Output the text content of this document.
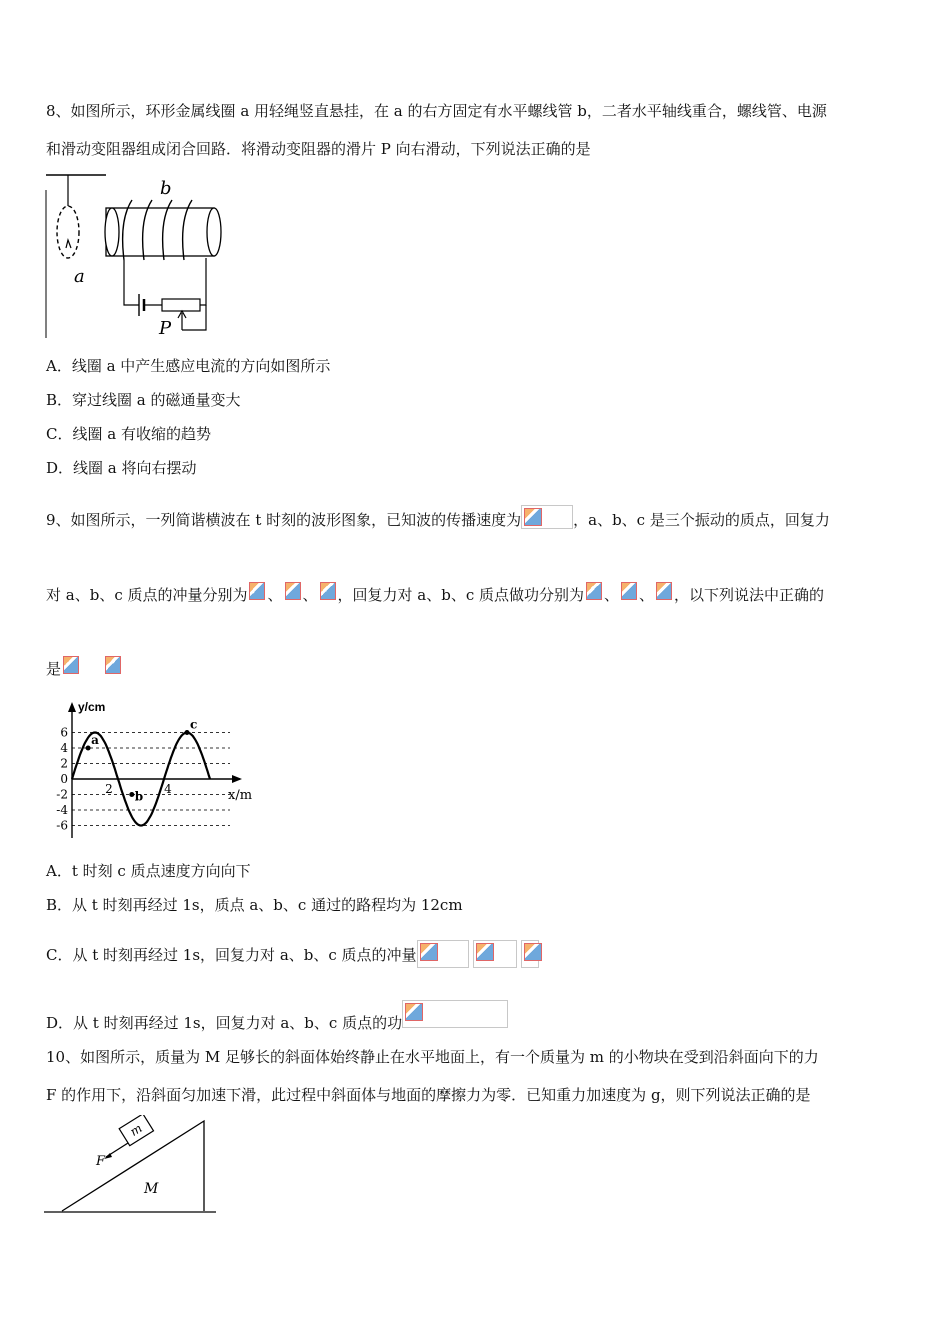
8、如图所示，环形金属线圈 a 用轻绳竖直悬挂，在 a 的右方固定有水平螺线管 b，二者水平轴线重合，螺线管、电源
和滑动变阻器组成闭合回路．将滑动变阻器的滑片 P 向右滑动，下列说法正确的是
a
b
P
A．线圈 a 中产生感应电流的方向如图所示
B．穿过线圈 a 的磁通量变大
C．线圈 a 有收缩的趋势
D．线圈 a 将向右摆动
9、如图所示，一列简谐横波在 t 时刻的波形图象，已知波的传播速度为	，a、b、c 是三个振动的质点，回复力
对 a、b、c 质点的冲量分别为 、 、 ，回复力对 a、b、c 质点做功分别为 、 、 ，以下列说法中正确的
是
y/cm
x/m
6
4
2
0
-2
-4
-6
2	4
a
b
c
A．t 时刻 c 质点速度方向向下
B．从 t 时刻再经过 1s，质点 a、b、c 通过的路程均为 12cm
C．从 t 时刻再经过 1s，回复力对 a、b、c 质点的冲量
D．从 t 时刻再经过 1s，回复力对 a、b、c 质点的功
10、如图所示，质量为 M 足够长的斜面体始终静止在水平地面上，有一个质量为 m 的小物块在受到沿斜面向下的力
F 的作用下，沿斜面匀加速下滑，此过程中斜面体与地面的摩擦力为零．已知重力加速度为 g，则下列说法正确的是
m
F
M
